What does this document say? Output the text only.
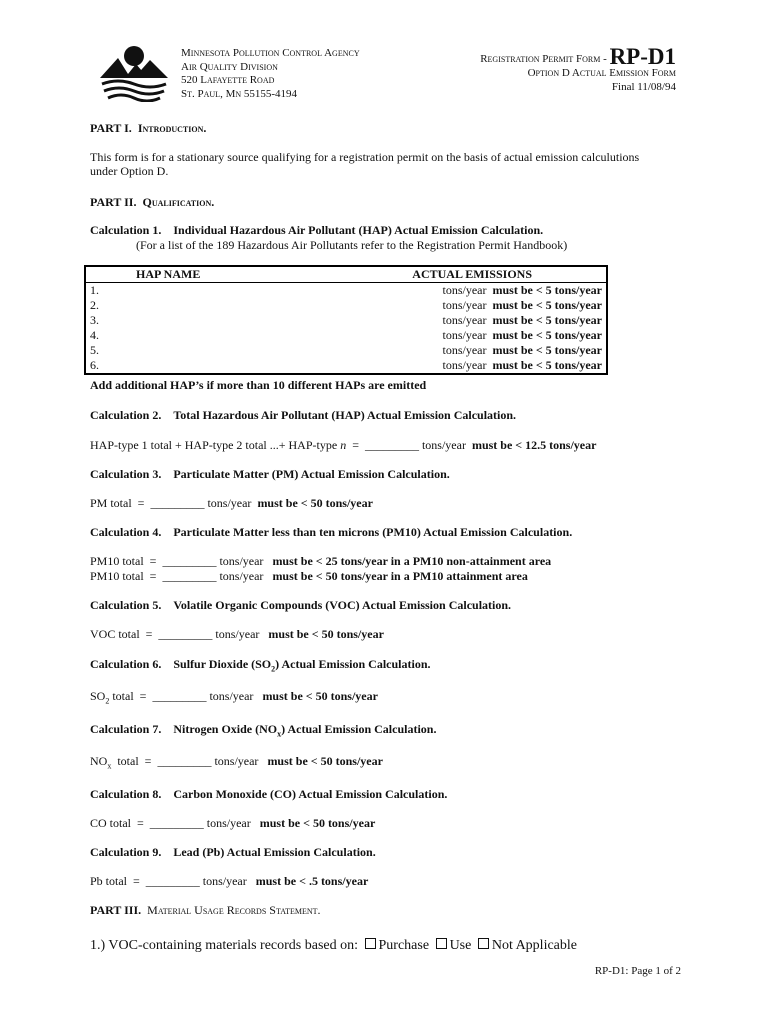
Minnesota Pollution Control Agency
Air Quality Division
520 Lafayette Road
St. Paul, Mn 55155-4194
Registration Permit Form - RP-D1
Option D Actual Emission Form
Final 11/08/94
PART I. Introduction.
This form is for a stationary source qualifying for a registration permit on the basis of actual emission calculutions
under Option D.
PART II. Qualification.
Calculation 1. Individual Hazardous Air Pollutant (HAP) Actual Emission Calculation.
(For a list of the 189 Hazardous Air Pollutants refer to the Registration Permit Handbook)
HAP NAME	ACTUAL EMISSIONS
1.	tons/year must be < 5 tons/year
2.	tons/year must be < 5 tons/year
3.	tons/year must be < 5 tons/year
4.	tons/year must be < 5 tons/year
5.	tons/year must be < 5 tons/year
6.	tons/year must be < 5 tons/year
Add additional HAP’s if more than 10 different HAPs are emitted
Calculation 2. Total Hazardous Air Pollutant (HAP) Actual Emission Calculation.
HAP-type 1 total + HAP-type 2 total ...+ HAP-type n  =  _________ tons/year  must be < 12.5 tons/year
Calculation 3. Particulate Matter (PM) Actual Emission Calculation.
PM total  =  _________ tons/year  must be < 50 tons/year
Calculation 4. Particulate Matter less than ten microns (PM10) Actual Emission Calculation.
PM10 total  =  _________ tons/year   must be < 25 tons/year in a PM10 non-attainment area
PM10 total  =  _________ tons/year   must be < 50 tons/year in a PM10 attainment area
Calculation 5. Volatile Organic Compounds (VOC) Actual Emission Calculation.
VOC total  =  _________ tons/year   must be < 50 tons/year
Calculation 6. Sulfur Dioxide $(SO_2)$ Actual Emission Calculation.
$SO_2$ total  =  _________ tons/year   must be < 50 tons/year
Calculation 7. Nitrogen Oxide $(NO_x)$ Actual Emission Calculation.
$NO_x$  total  =  _________ tons/year   must be < 50 tons/year
Calculation 8. Carbon Monoxide (CO) Actual Emission Calculation.
CO total  =  _________ tons/year   must be < 50 tons/year
Calculation 9. Lead (Pb) Actual Emission Calculation.
Pb total  =  _________ tons/year   must be < .5 tons/year
PART III. Material Usage Records Statement.
1.) VOC-containing materials records based on: Purchase Use Not Applicable
RP-D1: Page 1 of 2
